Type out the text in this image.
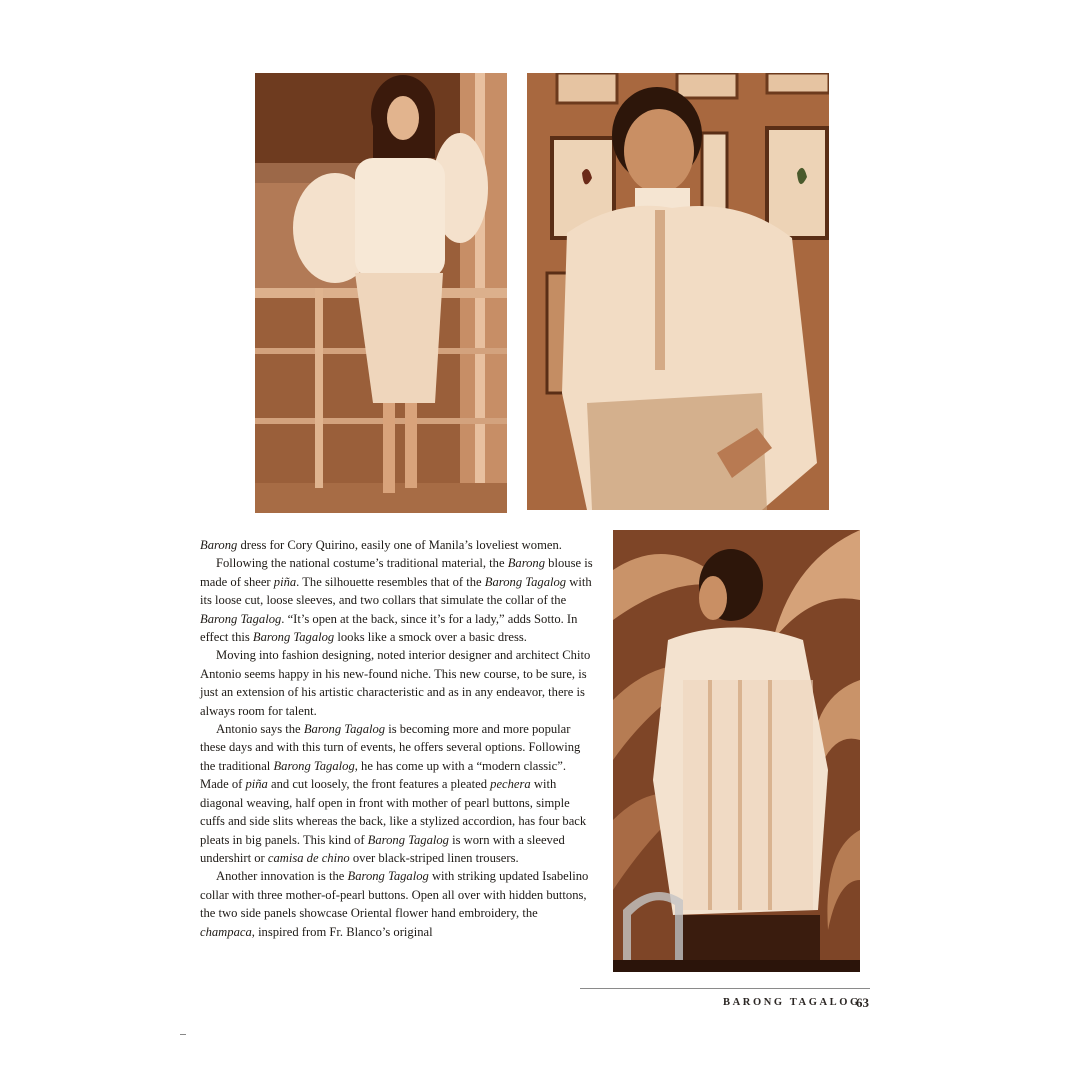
Barong dress for Cory Quirino, easily one of Manila’s loveliest women.

Following the national costume’s traditional material, the Barong blouse is made of sheer piña. The silhouette resembles that of the Barong Tagalog with its loose cut, loose sleeves, and two collars that simulate the collar of the Barong Tagalog. “It’s open at the back, since it’s for a lady,” adds Sotto. In effect this Barong Tagalog looks like a smock over a basic dress.

Moving into fashion designing, noted interior designer and architect Chito Antonio seems happy in his new-found niche. This new course, to be sure, is just an extension of his artistic characteristic and as in any endeavor, there is always room for talent.

Antonio says the Barong Tagalog is becoming more and more popular these days and with this turn of events, he offers several options. Following the traditional Barong Tagalog, he has come up with a “modern classic”. Made of piña and cut loosely, the front features a pleated pechera with diagonal weaving, half open in front with mother of pearl buttons, simple cuffs and side slits whereas the back, like a stylized accordion, has four back pleats in big panels. This kind of Barong Tagalog is worn with a sleeved undershirt or camisa de chino over black-striped linen trousers.

Another innovation is the Barong Tagalog with striking updated Isabelino collar with three mother-of-pearl buttons. Open all over with hidden buttons, the two side panels showcase Oriental flower hand embroidery, the champaca, inspired from Fr. Blanco’s original

BARONG TAGALOG
63
